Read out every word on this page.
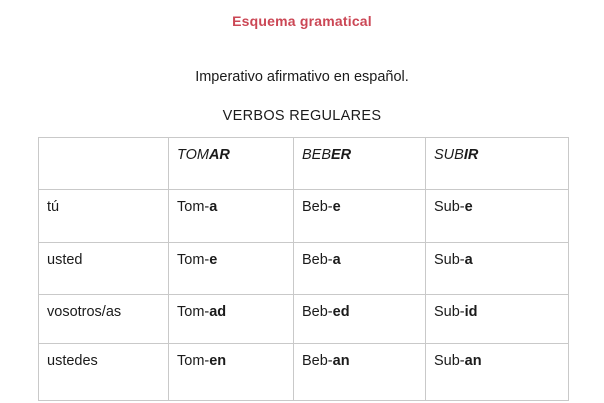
Esquema gramatical
Imperativo afirmativo en español.
VERBOS REGULARES
	TOMAR	BEBER	SUBIR
tú	Tom-a	Beb-e	Sub-e
usted	Tom-e	Beb-a	Sub-a
vosotros/as	Tom-ad	Beb-ed	Sub-id
ustedes	Tom-en	Beb-an	Sub-an
